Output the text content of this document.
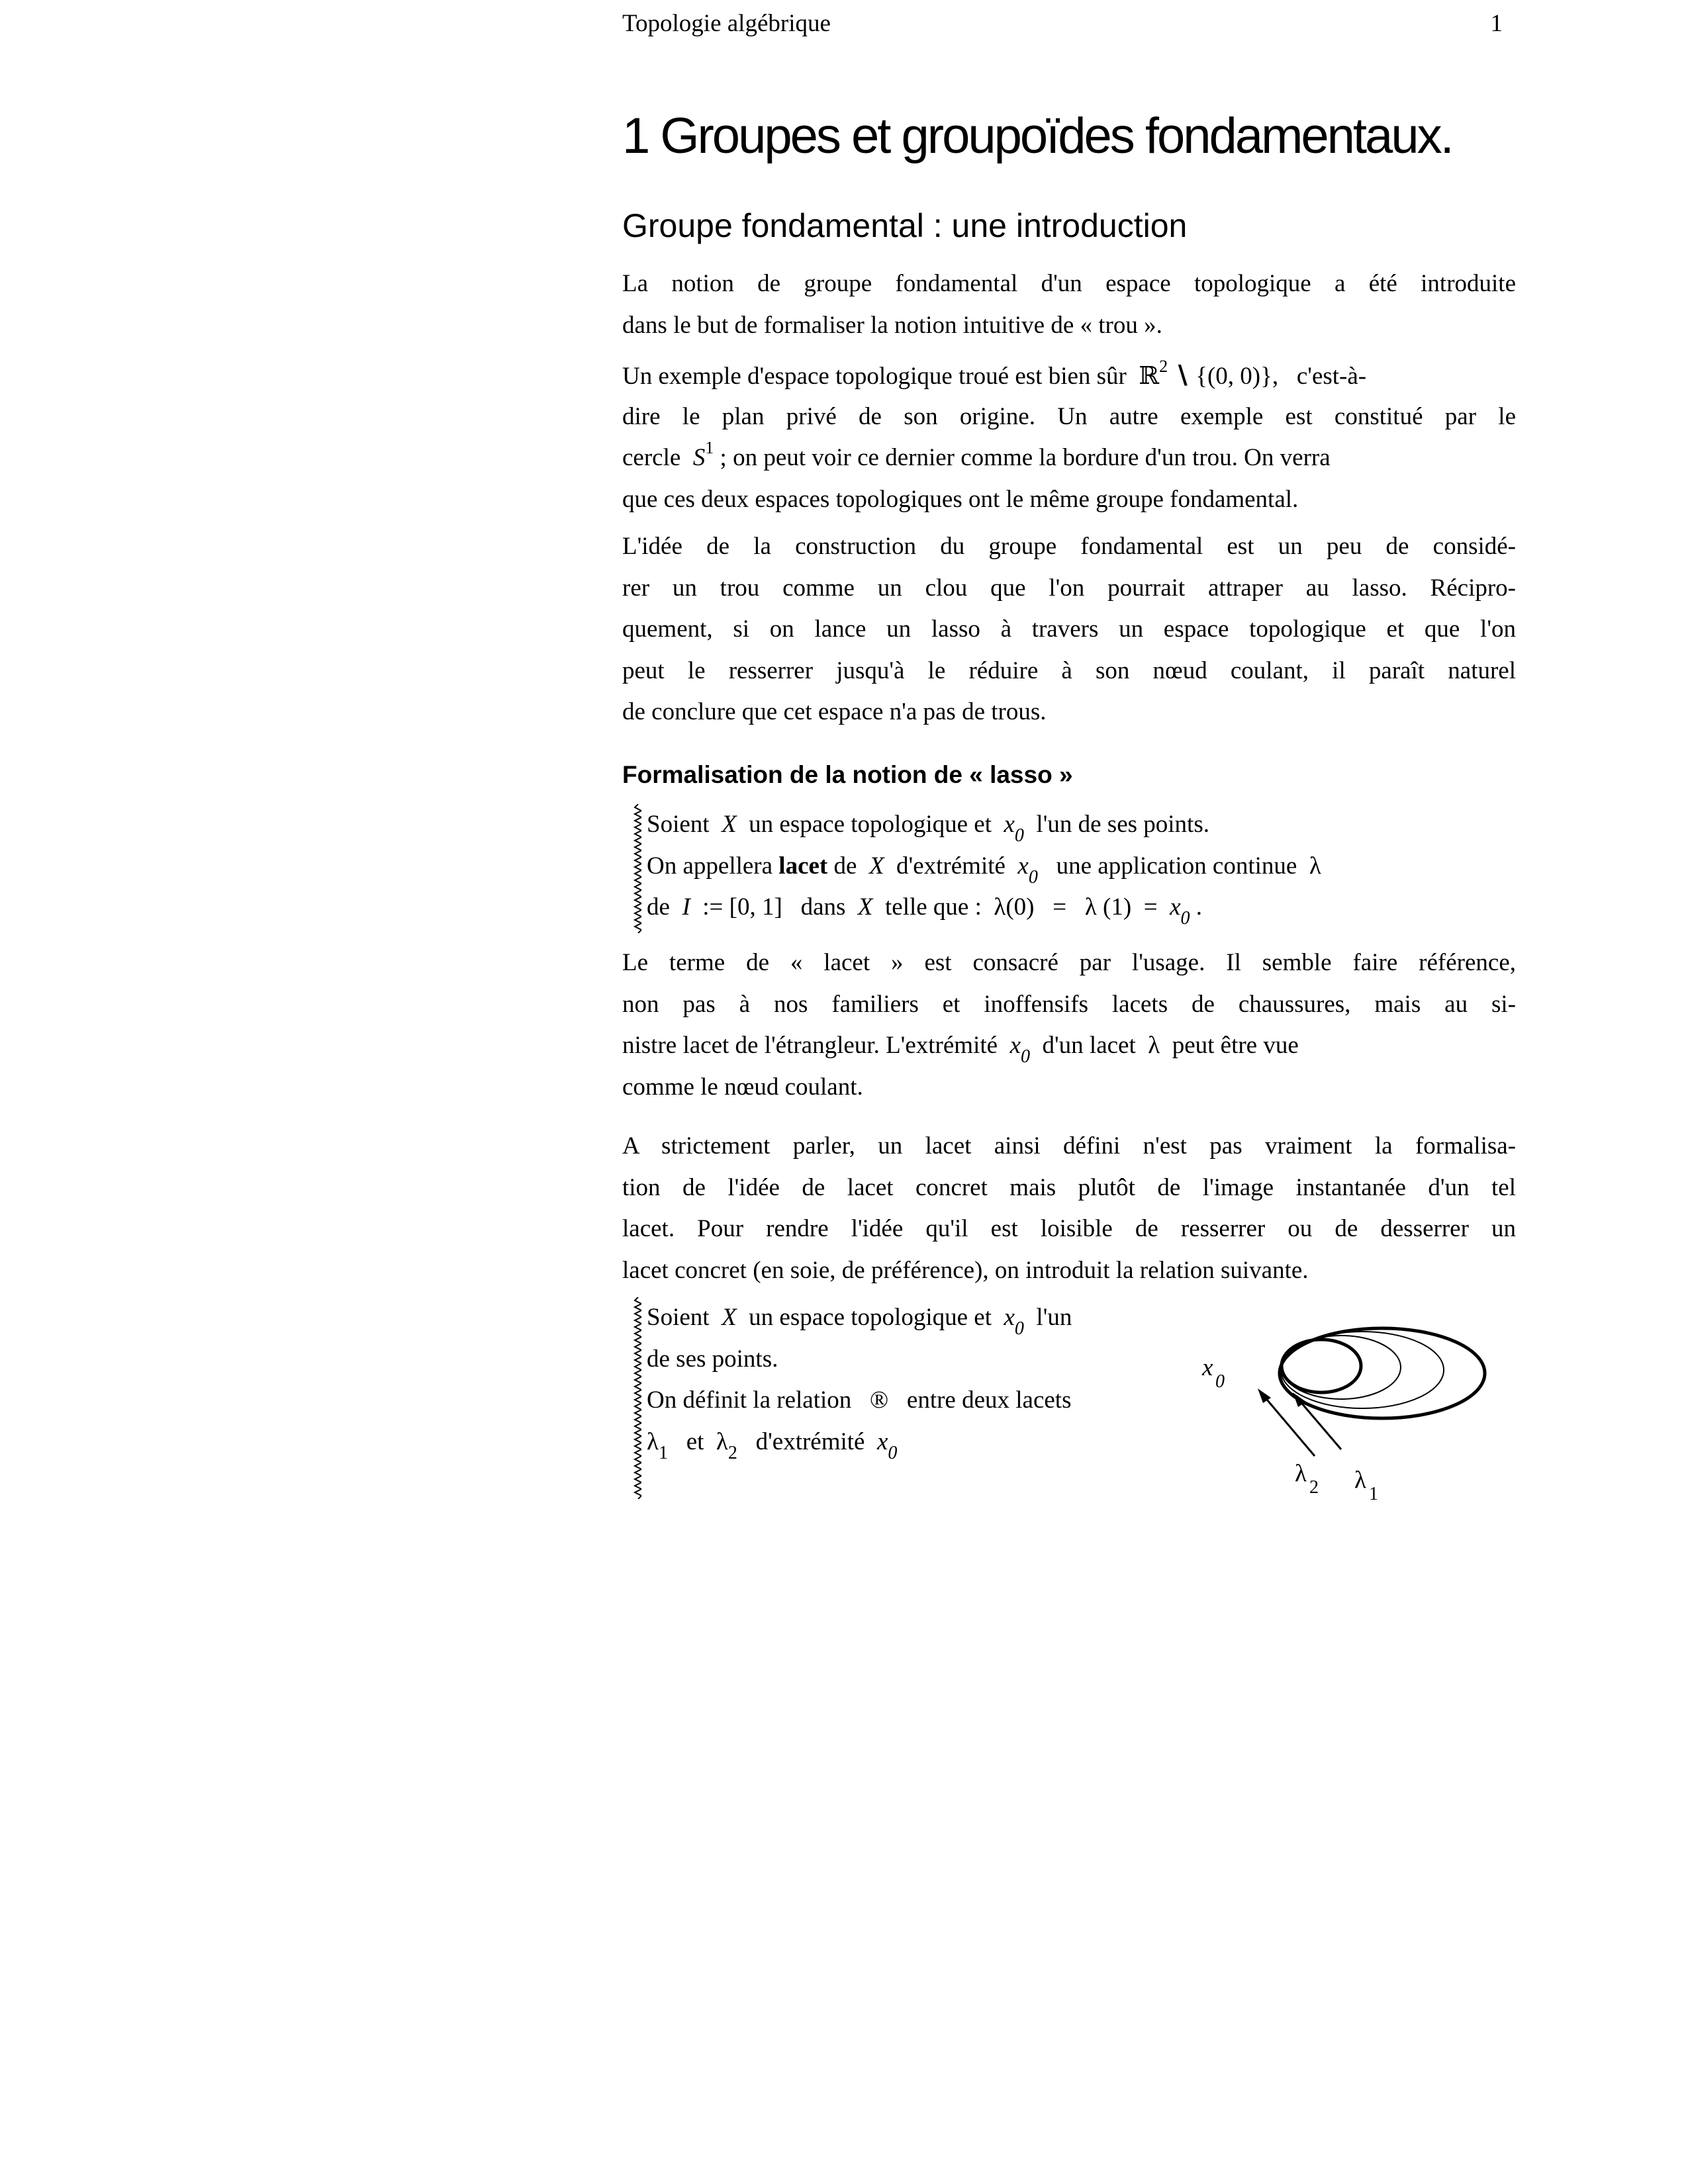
Topologie algébrique	1
1 Groupes et groupoïdes fondamentaux.
Groupe fondamental : une introduction
La notion de groupe fondamental d'un espace topologique a été introduite
dans le but de formaliser la notion intuitive de « trou ».
Un exemple d'espace topologique troué est bien sûr ℝ$^2$ ∖ {(0, 0)}, c'est-à-
dire le plan privé de son origine. Un autre exemple est constitué par le
cercle $S^1$ ; on peut voir ce dernier comme la bordure d'un trou. On verra
que ces deux espaces topologiques ont le même groupe fondamental.
L'idée de la construction du groupe fondamental est un peu de considé-
rer un trou comme un clou que l'on pourrait attraper au lasso. Récipro-
quement, si on lance un lasso à travers un espace topologique et que l'on
peut le resserrer jusqu'à le réduire à son nœud coulant, il paraît naturel
de conclure que cet espace n'a pas de trous.
Formalisation de la notion de « lasso »
Soient X un espace topologique et $x_0$ l'un de ses points.
On appellera lacet de X d'extrémité $x_0$ une application continue λ
de I := [0, 1] dans X telle que : λ(0) = λ $(1) = x_0$ .
Le terme de « lacet » est consacré par l'usage. Il semble faire référence,
non pas à nos familiers et inoffensifs lacets de chaussures, mais au si-
nistre lacet de l'étrangleur. L'extrémité $x_0$ d'un lacet λ peut être vue
comme le nœud coulant.
A strictement parler, un lacet ainsi défini n'est pas vraiment la formalisa-
tion de l'idée de lacet concret mais plutôt de l'image instantanée d'un tel
lacet. Pour rendre l'idée qu'il est loisible de resserrer ou de desserrer un
lacet concret (en soie, de préférence), on introduit la relation suivante.
Soient X un espace topologique et $x_0$ l'un
de ses points.
On définit la relation ® entre deux lacets
$\lambda_1$ et $\lambda_2$ d'extrémité $x_0$
x
0
λ
2 λ
1
